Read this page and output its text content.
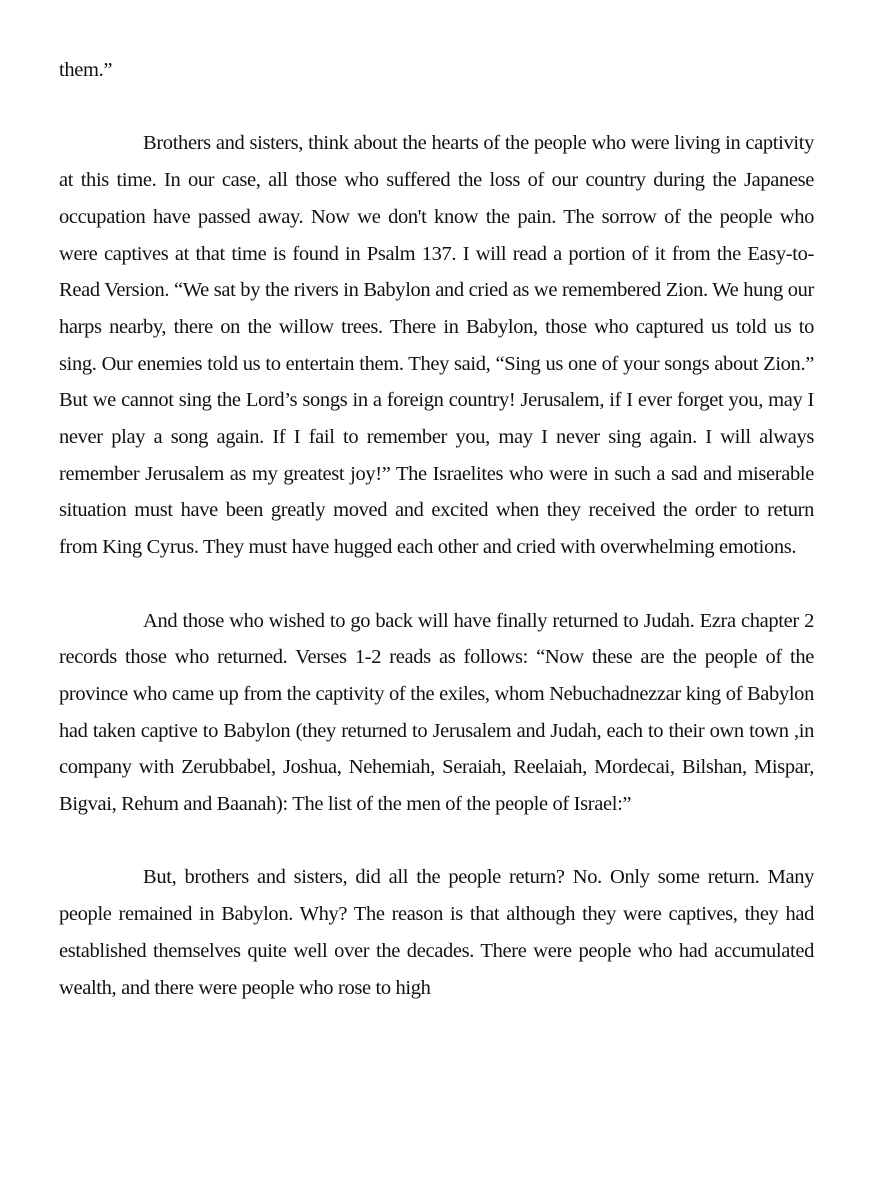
them.”

Brothers and sisters, think about the hearts of the people who were living in captivity at this time. In our case, all those who suffered the loss of our country during the Japanese occupation have passed away. Now we don't know the pain. The sorrow of the people who were captives at that time is found in Psalm 137. I will read a portion of it from the Easy-to-Read Version. “We sat by the rivers in Babylon and cried as we remembered Zion. We hung our harps nearby, there on the willow trees. There in Babylon, those who captured us told us to sing. Our enemies told us to entertain them. They said, “Sing us one of your songs about Zion.” But we cannot sing the Lord’s songs in a foreign country! Jerusalem, if I ever forget you, may I never play a song again. If I fail to remember you, may I never sing again. I will always remember Jerusalem as my greatest joy!” The Israelites who were in such a sad and miserable situation must have been greatly moved and excited when they received the order to return from King Cyrus. They must have hugged each other and cried with overwhelming emotions.

And those who wished to go back will have finally returned to Judah. Ezra chapter 2 records those who returned. Verses 1-2 reads as follows: “Now these are the people of the province who came up from the captivity of the exiles, whom Nebuchadnezzar king of Babylon had taken captive to Babylon (they returned to Jerusalem and Judah, each to their own town ,in company with Zerubbabel, Joshua, Nehemiah, Seraiah, Reelaiah, Mordecai, Bilshan, Mispar, Bigvai, Rehum and Baanah): The list of the men of the people of Israel:”

But, brothers and sisters, did all the people return? No. Only some return. Many people remained in Babylon. Why? The reason is that although they were captives, they had established themselves quite well over the decades. There were people who had accumulated wealth, and there were people who rose to high
